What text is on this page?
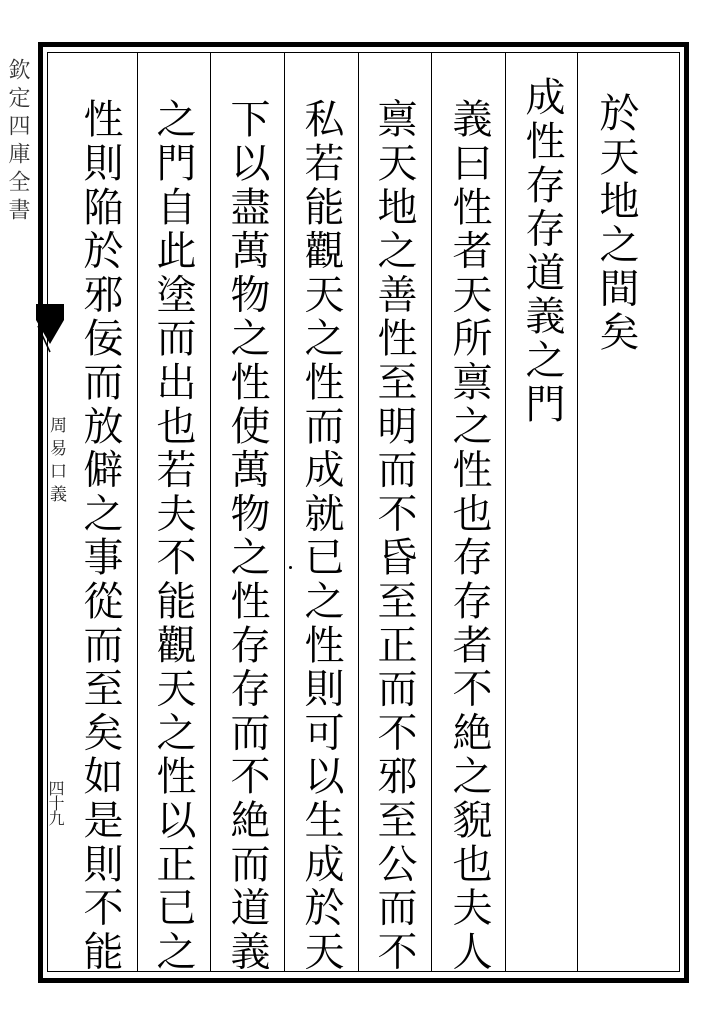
欽定四庫全書
周易口義
四十九
於天地之間矣
成性存存道義之門
義曰性者天所禀之性也存存者不絶之貎也夫人
禀天地之善性至明而不昏至正而不邪至公而不
私若能觀天之性而成就已之性則可以生成於天
下以盡萬物之性使萬物之性存存而不絶而道義
之門自此塗而出也若夫不能觀天之性以正已之
性則陥於邪佞而放僻之事從而至矣如是則不能
